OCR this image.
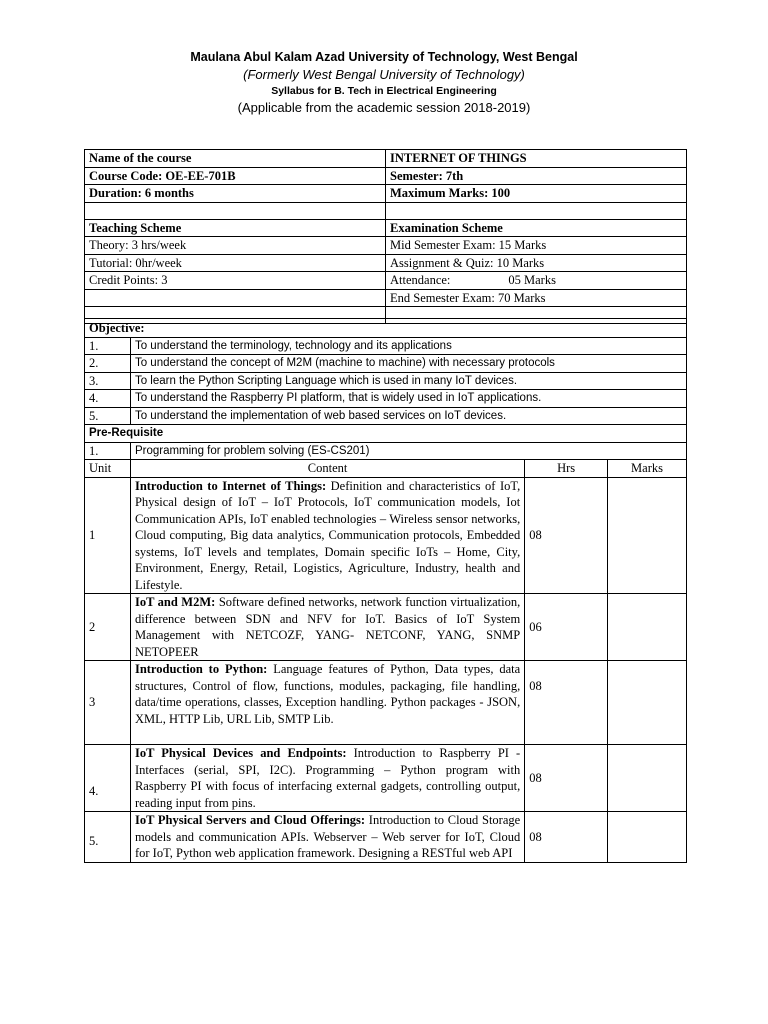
Maulana Abul Kalam Azad University of Technology, West Bengal
(Formerly West Bengal University of Technology)
Syllabus for B. Tech in Electrical Engineering
(Applicable from the academic session 2018-2019)
Name of the course	INTERNET OF THINGS
Course Code: OE-EE-701B	Semester: 7th
Duration: 6 months	Maximum Marks: 100

Teaching Scheme	Examination Scheme
Theory: 3 hrs/week	Mid Semester Exam: 15 Marks
Tutorial: 0hr/week	Assignment & Quiz: 10 Marks
Credit Points: 3	Attendance: 05 Marks
	End Semester Exam: 70 Marks

Objective:			
1.	To understand the terminology, technology and its applications		
2.	To understand the concept of M2M (machine to machine) with necessary protocols		
3.	To learn the Python Scripting Language which is used in many IoT devices.		
4.	To understand the Raspberry PI platform, that is widely used in IoT applications.		
5.	To understand the implementation of web based services on IoT devices.		
Pre-Requisite			
1.	Programming for problem solving (ES-CS201)		
Unit	Content	Hrs	Marks
1	Introduction to Internet of Things: Definition and characteristics of IoT, Physical design of IoT – IoT Protocols, IoT communication models, Iot Communication APIs, IoT enabled technologies – Wireless sensor networks, Cloud computing, Big data analytics, Communication protocols, Embedded systems, IoT levels and templates, Domain specific IoTs – Home, City, Environment, Energy, Retail, Logistics, Agriculture, Industry, health and Lifestyle.	08	
2	IoT and M2M: Software defined networks, network function virtualization, difference between SDN and NFV for IoT. Basics of IoT System Management with NETCOZF, YANG- NETCONF, YANG, SNMP NETOPEER	06	
3	Introduction to Python: Language features of Python, Data types, data structures, Control of flow, functions, modules, packaging, file handling, data/time operations, classes, Exception handling. Python packages - JSON, XML, HTTP Lib, URL Lib, SMTP Lib.	08	
4.	IoT Physical Devices and Endpoints: Introduction to Raspberry PI - Interfaces (serial, SPI, I2C). Programming – Python program with Raspberry PI with focus of interfacing external gadgets, controlling output, reading input from pins.	08	
5.	IoT Physical Servers and Cloud Offerings: Introduction to Cloud Storage models and communication APIs. Webserver – Web server for IoT, Cloud for IoT, Python web application framework. Designing a RESTful web API	08	
